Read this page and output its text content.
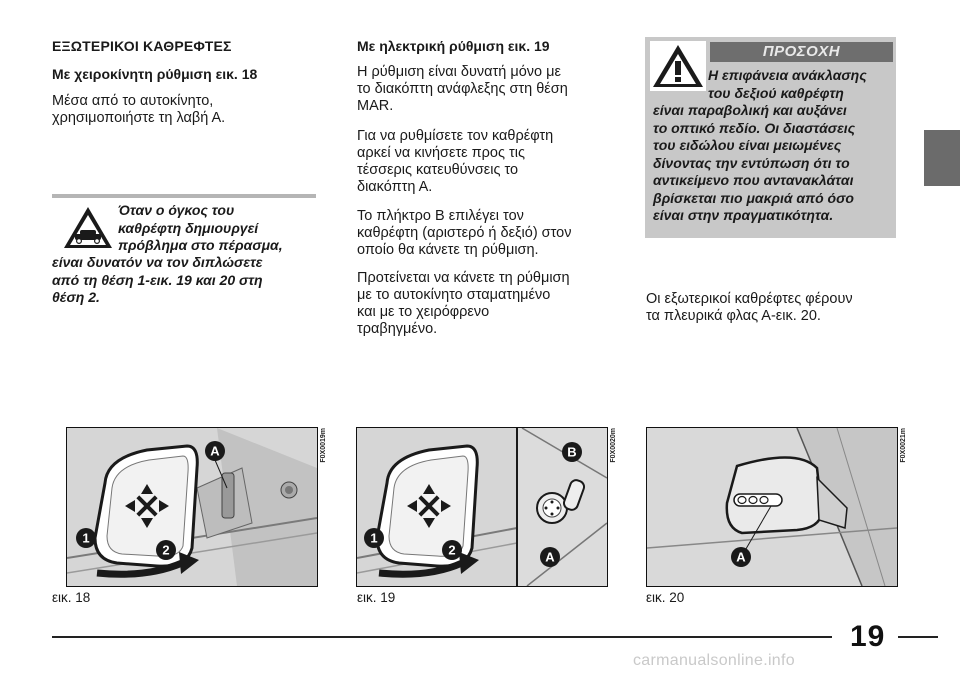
ΕΞΩΤΕΡΙΚΟΙ ΚΑΘΡΕΦΤΕΣ
Με χειροκίνητη ρύθμιση εικ. 18
Μέσα από το αυτοκίνητο,
χρησιμοποιήστε τη λαβή Α.
Όταν ο όγκος του
καθρέφτη δημιουργεί
πρόβλημα στο πέρασμα,
είναι δυνατόν να τον διπλώσετε
από τη θέση 1-εικ. 19 και 20 στη
θέση 2.
A
1
2
F0X0019m
εικ. 18
Με ηλεκτρική ρύθμιση εικ. 19
Η ρύθμιση είναι δυνατή μόνο με
το διακόπτη ανάφλεξης στη θέση
MAR.
Για να ρυθμίσετε τον καθρέφτη
αρκεί να κινήσετε προς τις
τέσσερις κατευθύνσεις το
διακόπτη Α.
Το πλήκτρο Β επιλέγει τον
καθρέφτη (αριστερό ή δεξιό) στον
οποίο θα κάνετε τη ρύθμιση.
Προτείνεται να κάνετε τη ρύθμιση
με το αυτοκίνητο σταματημένο
και με το χειρόφρενο
τραβηγμένο.
B
A
1
2
F0X0020m
εικ. 19
ΠΡΟΣΟΧΗ
Η επιφάνεια ανάκλασης
του δεξιού καθρέφτη
είναι παραβολική και αυξάνει
το οπτικό πεδίο. Οι διαστάσεις
του ειδώλου είναι μειωμένες
δίνοντας την εντύπωση ότι το
αντικείμενο που αντανακλάται
βρίσκεται πιο μακριά από όσο
είναι στην πραγματικότητα.
Οι εξωτερικοί καθρέφτες φέρουν
τα πλευρικά φλας Α-εικ. 20.
A
F0X0021m
εικ. 20
19
carmanualsonline.info
